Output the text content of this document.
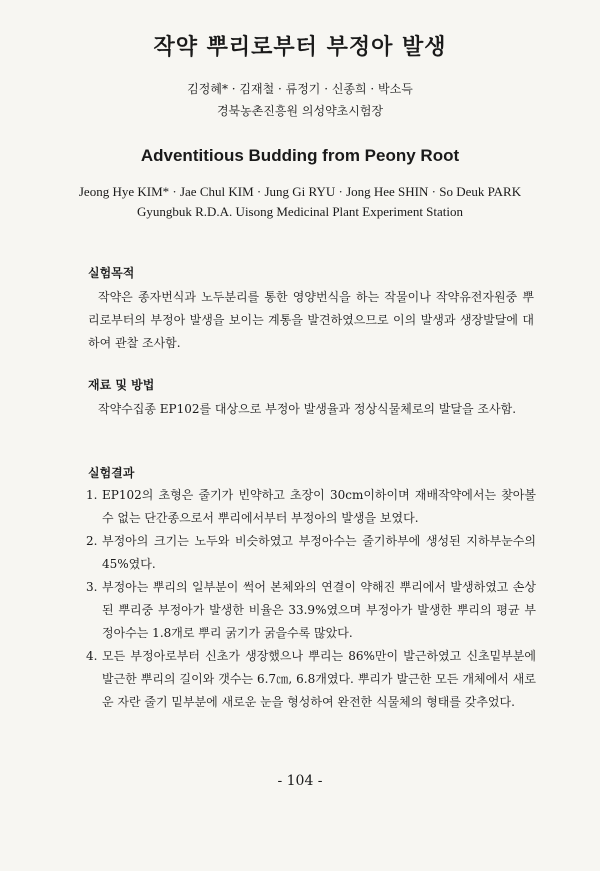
작약 뿌리로부터 부정아 발생
김정혜* · 김재철 · 류정기 · 신종희 · 박소득
경북농촌진흥원 의성약초시험장
Adventitious Budding from Peony Root
Jeong Hye KIM* · Jae Chul KIM · Jung Gi RYU · Jong Hee SHIN · So Deuk PARK
Gyungbuk R.D.A. Uisong Medicinal Plant Experiment Station
실험목적
작약은 종자번식과 노두분리를 통한 영양번식을 하는 작물이나 작약유전자원중 뿌리로부터의 부정아 발생을 보이는 계통을 발견하였으므로 이의 발생과 생장발달에 대하여 관찰 조사함.
재료 및 방법
작약수집종 EP102를 대상으로 부정아 발생율과 정상식물체로의 발달을 조사함.
실험결과
1. EP102의 초형은 줄기가 빈약하고 초장이 30cm이하이며 재배작약에서는 찾아볼 수 없는 단간종으로서 뿌리에서부터 부정아의 발생을 보였다.
2. 부정아의 크기는 노두와 비슷하였고 부정아수는 줄기하부에 생성된 지하부눈수의 45%였다.
3. 부정아는 뿌리의 일부분이 썩어 본체와의 연결이 약해진 뿌리에서 발생하였고 손상된 뿌리중 부정아가 발생한 비율은 33.9%였으며 부정아가 발생한 뿌리의 평균 부정아수는 1.8개로 뿌리 굵기가 굵을수록 많았다.
4. 모든 부정아로부터 신초가 생장했으나 뿌리는 86%만이 발근하였고 신초밑부분에 발근한 뿌리의 길이와 갯수는 6.7㎝, 6.8개였다. 뿌리가 발근한 모든 개체에서 새로운 자란 줄기 밑부분에 새로운 눈을 형성하여 완전한 식물체의 형태를 갖추었다.
- 104 -
